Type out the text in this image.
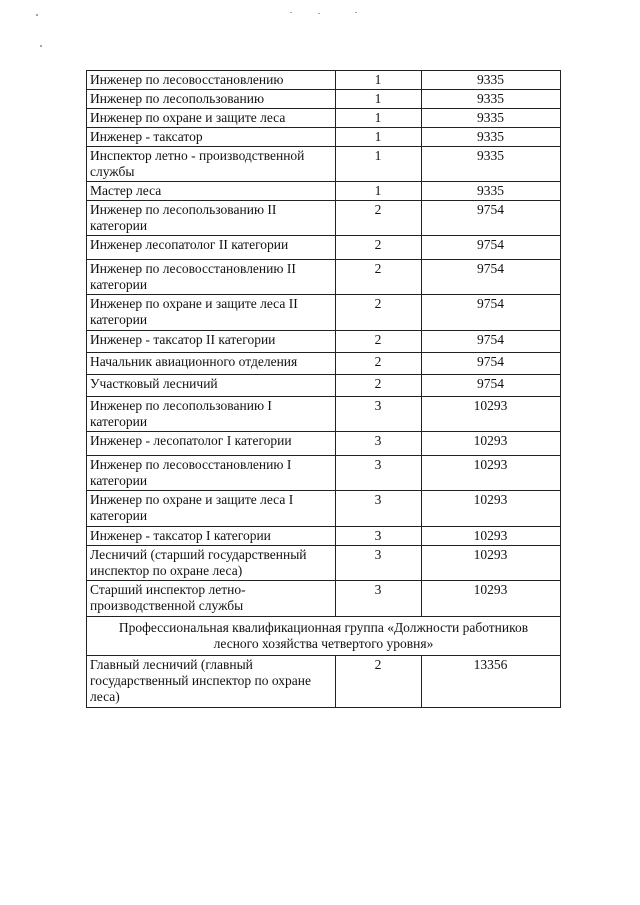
Инженер по лесовосстановлению	1	9335
Инженер по лесопользованию	1	9335
Инженер по охране и защите леса	1	9335
Инженер - таксатор	1	9335
Инспектор летно - производственной службы	1	9335
Мастер леса	1	9335
Инженер по лесопользованию II категории	2	9754
Инженер лесопатолог II категории	2	9754
Инженер по лесовосстановлению II категории	2	9754
Инженер по охране и защите леса II категории	2	9754
Инженер - таксатор II категории	2	9754
Начальник авиационного отделения	2	9754
Участковый лесничий	2	9754
Инженер по лесопользованию I категории	3	10293
Инженер - лесопатолог I категории	3	10293
Инженер по лесовосстановлению I категории	3	10293
Инженер по охране и защите леса I категории	3	10293
Инженер - таксатор I категории	3	10293
Лесничий (старший государственный инспектор по охране леса)	3	10293
Старший инспектор летно-производственной службы	3	10293
Профессиональная квалификационная группа «Должности работников лесного хозяйства четвертого уровня»		
Главный лесничий (главный государственный инспектор по охране леса)	2	13356
